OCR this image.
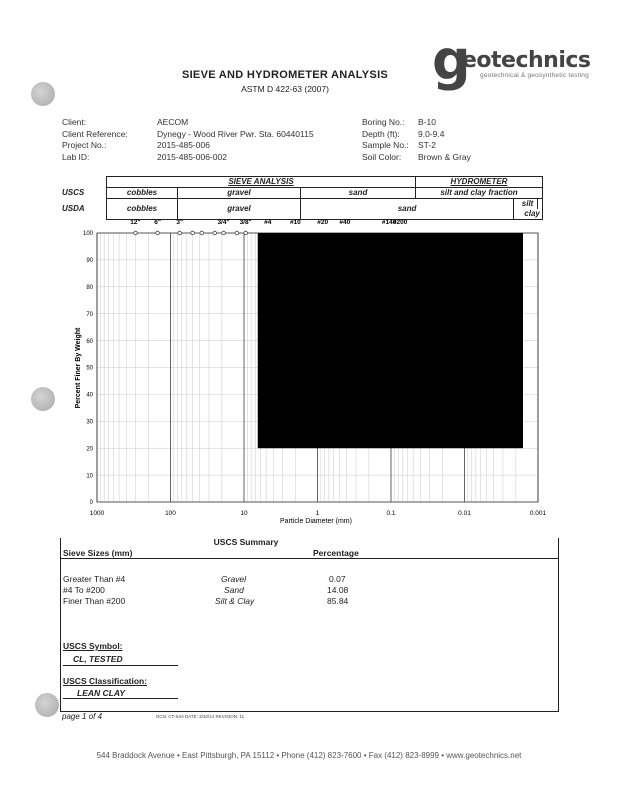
g
eotechnics
geotechnical & geosynthetic testing
SIEVE AND HYDROMETER ANALYSIS
ASTM D 422-63 (2007)
Client:	AECOM
Client Reference:	Dynegy - Wood River Pwr. Sta. 60440115
Project No.:	2015-485-006
Lab ID:	2015-485-006-002
Boring No.: B-10
Depth (ft): 9.0-9.4
Sample No.: ST-2
Soil Color: Brown & Gray
	SIEVE ANALYSIS			HYDROMETER	
USCS	cobbles	gravel	sand	silt and clay fraction	
USDA	cobbles	gravel	sand		siltclay
12" 6" 3"	3/4" 3/8" #4	#10	#20 #40	#140
#200
0
10
20
30
40
50
60
70
80
90
100
1000	100	10	1	0.1	0.01	0.001
Particle Diameter (mm)
Percent Finer By Weight
USCS Summary
Sieve Sizes (mm)	Percentage
Greater Than #4	Gravel	0.07
#4 To #200	Sand	14.08
Finer Than #200	Silt & Clay	85.84
USCS Symbol:
CL, TESTED
USCS Classification:
LEAN CLAY
page 1 of 4	DCN: CT-S4A DATE: 3/10/14 REVISION: 11
544 Braddock Avenue • East Pittsburgh, PA 15112 • Phone (412) 823-7600 • Fax (412) 823-8999 • www.geotechnics.net
